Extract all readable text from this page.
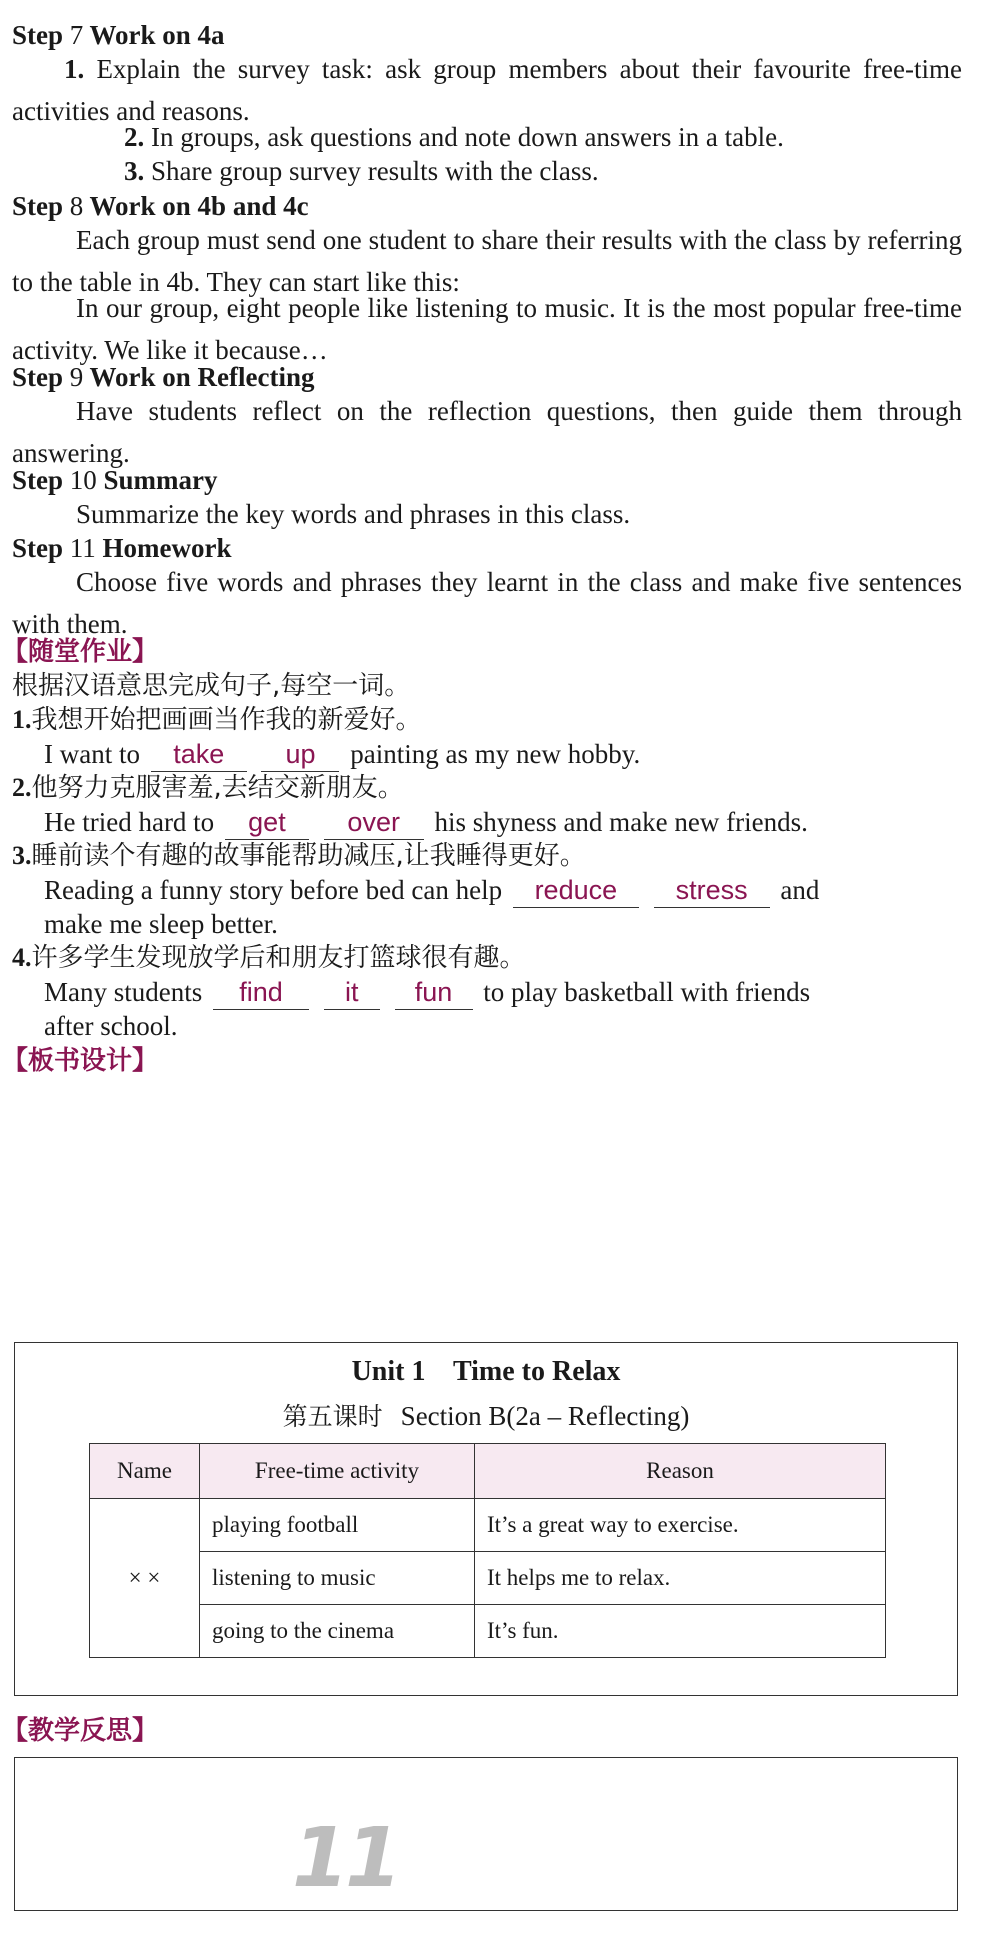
Step 7 Work on 4a
1. Explain the survey task: ask group members about their favourite free-time activities and reasons.
2. In groups, ask questions and note down answers in a table.
3. Share group survey results with the class.
Step 8 Work on 4b and 4c
Each group must send one student to share their results with the class by referring to the table in 4b. They can start like this:
In our group, eight people like listening to music. It is the most popular free-time activity. We like it because…
Step 9 Work on Reflecting
Have students reflect on the reflection questions, then guide them through answering.
Step 10 Summary
Summarize the key words and phrases in this class.
Step 11 Homework
Choose five words and phrases they learnt in the class and make five sentences with them.
【随堂作业】
根据汉语意思完成句子,每空一词。
1.我想开始把画画当作我的新爱好。
I want to take up painting as my new hobby.
2.他努力克服害羞,去结交新朋友。
He tried hard to get over his shyness and make new friends.
3.睡前读个有趣的故事能帮助减压,让我睡得更好。
Reading a funny story before bed can help reduce stress and
make me sleep better.
4.许多学生发现放学后和朋友打篮球很有趣。
Many students find it fun to play basketball with friends
after school.
【板书设计】
Unit 1    Time to Relax
第五课时 Section B(2a – Reflecting)
Name	Free-time activity	Reason
× ×	playing football	It’s a great way to exercise.
	listening to music	It helps me to relax.
	going to the cinema	It’s fun.
【教学反思】
11
